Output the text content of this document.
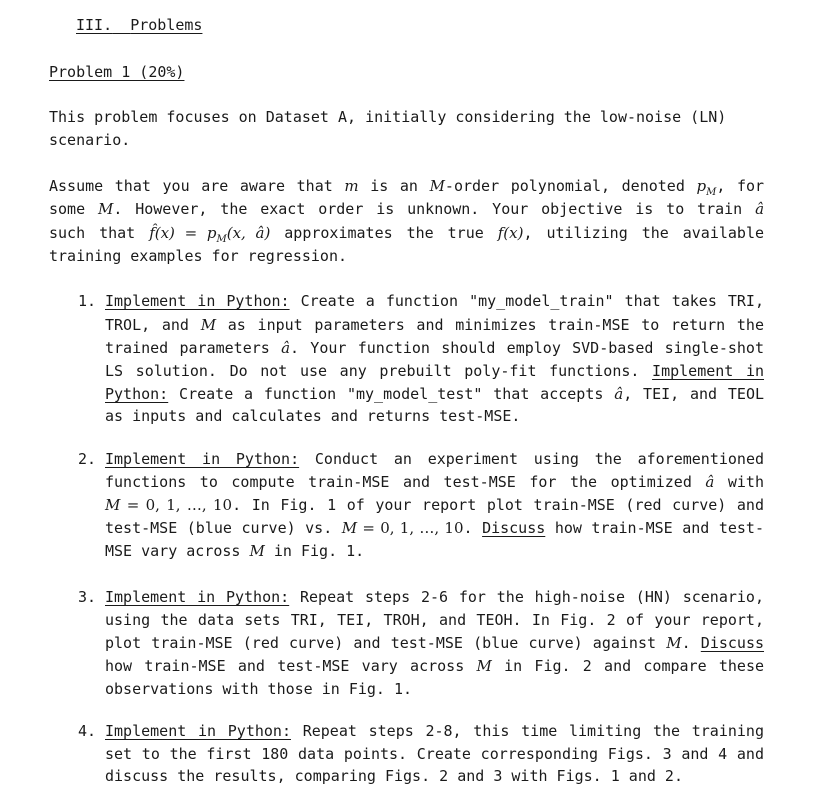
III. Problems
Problem 1 (20%)
This problem focuses on Dataset A, initially considering the low-noise (LN)
scenario.
Assume that you are aware that m is an M-order polynomial, denoted $p_M$, for
some M. However, the exact order is unknown. Your objective is to train â
such that f̂(x) = $p_M(x$, â) approximates the true f(x), utilizing the available
training examples for regression.
1. Implement in Python: Create a function "my_model_train" that takes TRI,
TROL, and M as input parameters and minimizes train-MSE to return the
trained parameters â. Your function should employ SVD-based single-shot
LS solution. Do not use any prebuilt poly-fit functions. Implement in
Python: Create a function "my_model_test" that accepts â, TEI, and TEOL
as inputs and calculates and returns test-MSE.
2. Implement in Python: Conduct an experiment using the aforementioned
functions to compute train-MSE and test-MSE for the optimized â with
M = 0, 1, …, 10. In Fig. 1 of your report plot train-MSE (red curve) and
test-MSE (blue curve) vs. M = 0, 1, …, 10. Discuss how train-MSE and test-
MSE vary across M in Fig. 1.
3. Implement in Python: Repeat steps 2-6 for the high-noise (HN) scenario,
using the data sets TRI, TEI, TROH, and TEOH. In Fig. 2 of your report,
plot train-MSE (red curve) and test-MSE (blue curve) against M. Discuss
how train-MSE and test-MSE vary across M in Fig. 2 and compare these
observations with those in Fig. 1.
4. Implement in Python: Repeat steps 2-8, this time limiting the training
set to the first 180 data points. Create corresponding Figs. 3 and 4 and
discuss the results, comparing Figs. 2 and 3 with Figs. 1 and 2.
